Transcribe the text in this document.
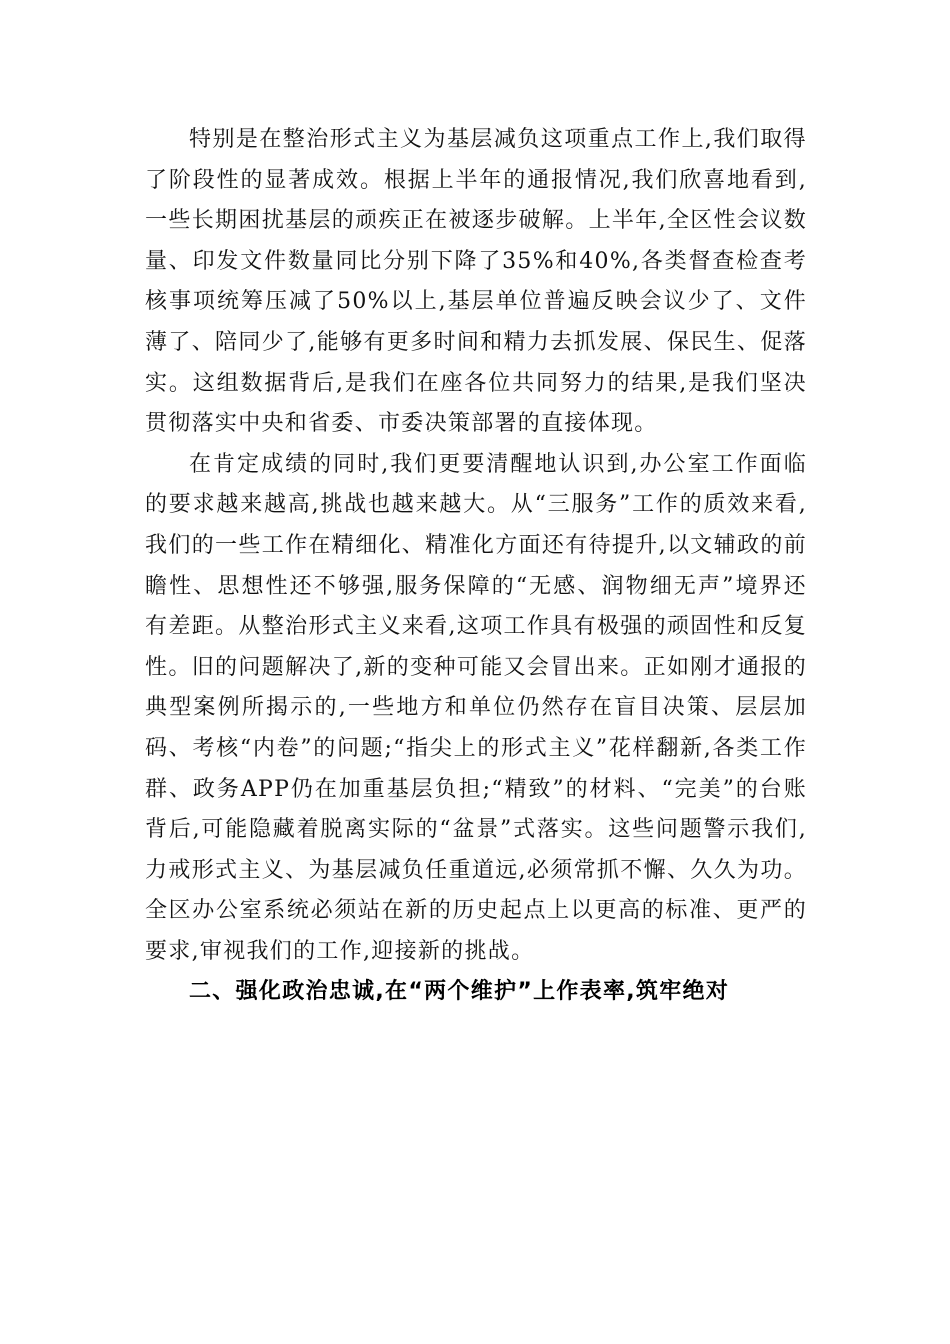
特别是在整治形式主义为基层减负这项重点工作上,我们取得了阶段性的显著成效。根据上半年的通报情况,我们欣喜地看到,一些长期困扰基层的顽疾正在被逐步破解。上半年,全区性会议数量、印发文件数量同比分别下降了35%和40%,各类督查检查考核事项统筹压减了50%以上,基层单位普遍反映会议少了、文件薄了、陪同少了,能够有更多时间和精力去抓发展、保民生、促落实。这组数据背后,是我们在座各位共同努力的结果,是我们坚决贯彻落实中央和省委、市委决策部署的直接体现。

在肯定成绩的同时,我们更要清醒地认识到,办公室工作面临的要求越来越高,挑战也越来越大。从“三服务”工作的质效来看,我们的一些工作在精细化、精准化方面还有待提升,以文辅政的前瞻性、思想性还不够强,服务保障的“无感、润物细无声”境界还有差距。从整治形式主义来看,这项工作具有极强的顽固性和反复性。旧的问题解决了,新的变种可能又会冒出来。正如刚才通报的典型案例所揭示的,一些地方和单位仍然存在盲目决策、层层加码、考核“内卷”的问题;“指尖上的形式主义”花样翻新,各类工作群、政务APP仍在加重基层负担;“精致”的材料、“完美”的台账背后,可能隐藏着脱离实际的“盆景”式落实。这些问题警示我们,力戒形式主义、为基层减负任重道远,必须常抓不懈、久久为功。全区办公室系统必须站在新的历史起点上以更高的标准、更严的要求,审视我们的工作,迎接新的挑战。

二、强化政治忠诚,在“两个维护”上作表率,筑牢绝对
